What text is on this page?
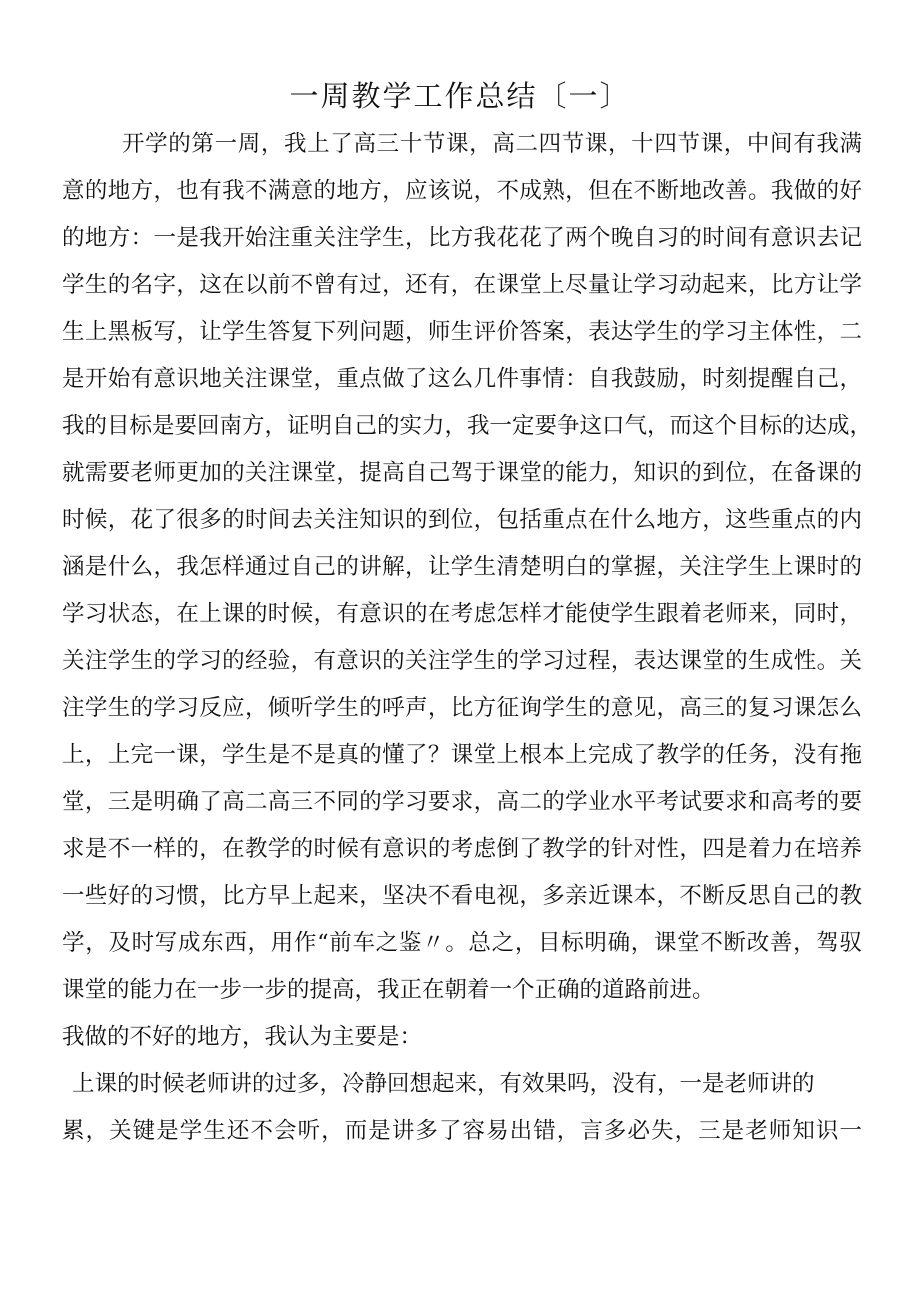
一周教学工作总结〔一〕
开学的第一周，我上了高三十节课，高二四节课，十四节课，中间有我满
意的地方，也有我不满意的地方，应该说，不成熟，但在不断地改善。我做的好
的地方：一是我开始注重关注学生，比方我花花了两个晚自习的时间有意识去记
学生的名字，这在以前不曾有过，还有，在课堂上尽量让学习动起来，比方让学
生上黑板写，让学生答复下列问题，师生评价答案，表达学生的学习主体性，二
是开始有意识地关注课堂，重点做了这么几件事情：自我鼓励，时刻提醒自己，
我的目标是要回南方，证明自己的实力，我一定要争这口气，而这个目标的达成，
就需要老师更加的关注课堂，提高自己驾于课堂的能力，知识的到位，在备课的
时候，花了很多的时间去关注知识的到位，包括重点在什么地方，这些重点的内
涵是什么，我怎样通过自己的讲解，让学生清楚明白的掌握，关注学生上课时的
学习状态，在上课的时候，有意识的在考虑怎样才能使学生跟着老师来，同时，
关注学生的学习的经验，有意识的关注学生的学习过程，表达课堂的生成性。关
注学生的学习反应，倾听学生的呼声，比方征询学生的意见，高三的复习课怎么
上，上完一课，学生是不是真的懂了？课堂上根本上完成了教学的任务，没有拖
堂，三是明确了高二高三不同的学习要求，高二的学业水平考试要求和高考的要
求是不一样的，在教学的时候有意识的考虑倒了教学的针对性，四是着力在培养
一些好的习惯，比方早上起来，坚决不看电视，多亲近课本，不断反思自己的教
学，及时写成东西，用作“前车之鉴〃。总之，目标明确，课堂不断改善，驾驭
课堂的能力在一步一步的提高，我正在朝着一个正确的道路前进。
我做的不好的地方，我认为主要是：
上课的时候老师讲的过多，冷静回想起来，有效果吗，没有，一是老师讲的
累，关键是学生还不会听，而是讲多了容易出错，言多必失，三是老师知识一
